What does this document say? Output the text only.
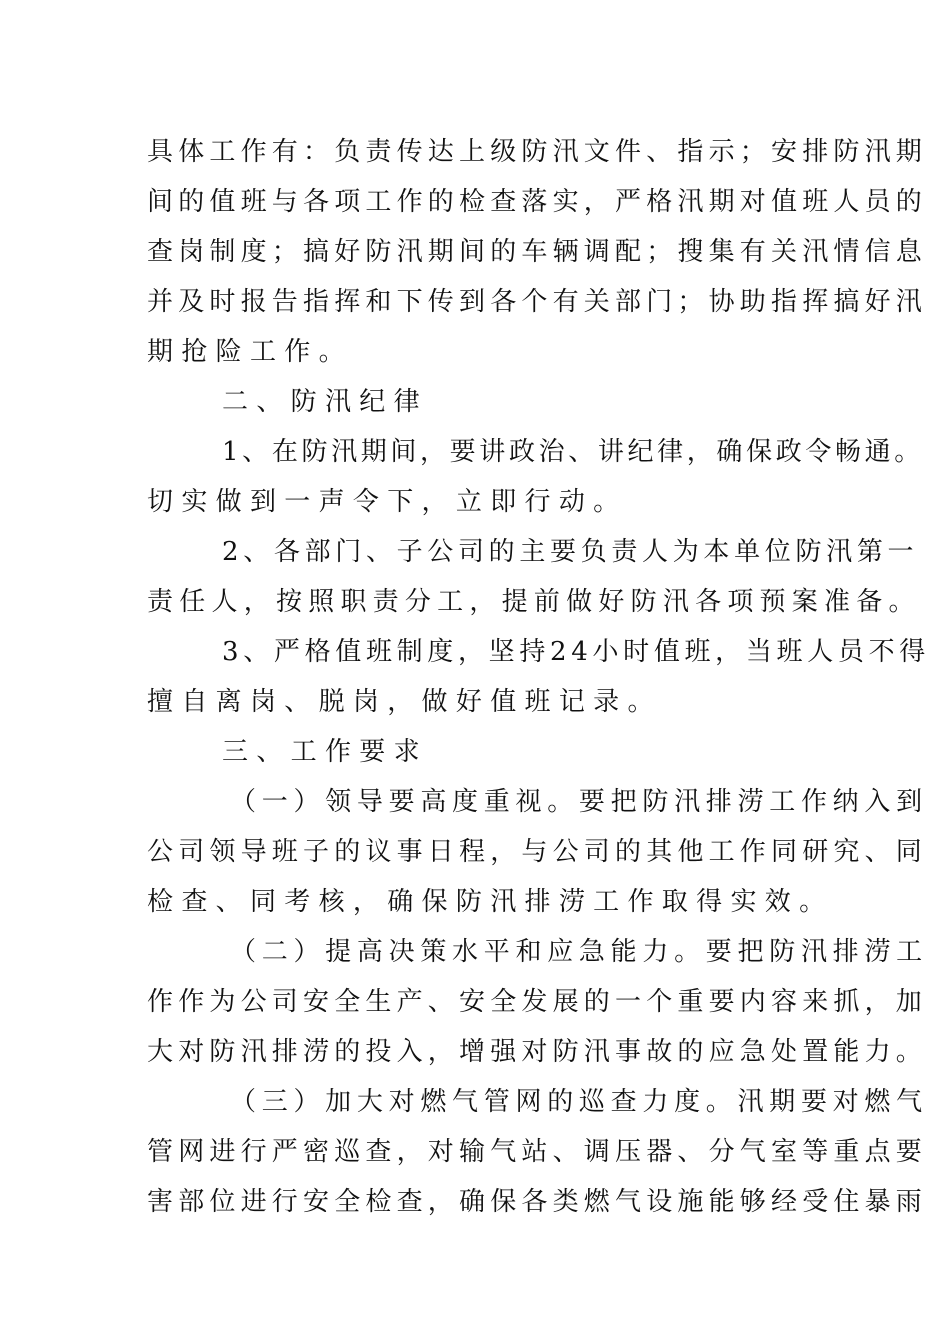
具体工作有：负责传达上级防汛文件、指示；安排防汛期
间的值班与各项工作的检查落实，严格汛期对值班人员的
查岗制度；搞好防汛期间的车辆调配；搜集有关汛情信息
并及时报告指挥和下传到各个有关部门；协助指挥搞好汛
期抢险工作。
二、防汛纪律
1、在防汛期间，要讲政治、讲纪律，确保政令畅通。
切实做到一声令下，立即行动。
2、各部门、子公司的主要负责人为本单位防汛第一
责任人，按照职责分工，提前做好防汛各项预案准备。
3、严格值班制度，坚持24小时值班，当班人员不得
擅自离岗、脱岗，做好值班记录。
三、工作要求
（一）领导要高度重视。要把防汛排涝工作纳入到
公司领导班子的议事日程，与公司的其他工作同研究、同
检查、同考核，确保防汛排涝工作取得实效。
（二）提高决策水平和应急能力。要把防汛排涝工
作作为公司安全生产、安全发展的一个重要内容来抓，加
大对防汛排涝的投入，增强对防汛事故的应急处置能力。
（三）加大对燃气管网的巡查力度。汛期要对燃气
管网进行严密巡查，对输气站、调压器、分气室等重点要
害部位进行安全检查，确保各类燃气设施能够经受住暴雨
